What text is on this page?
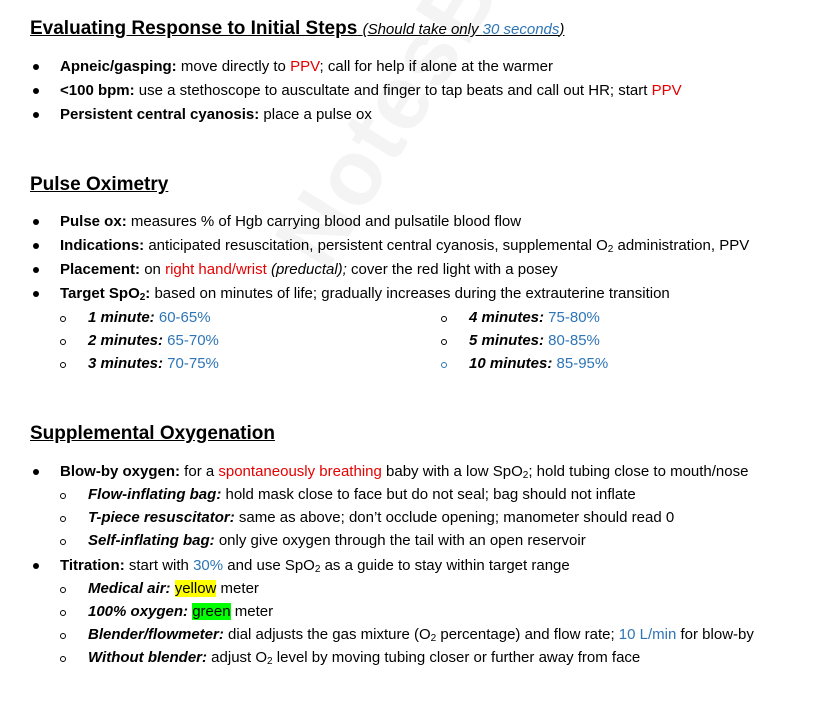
Evaluating Response to Initial Steps (Should take only 30 seconds)
Apneic/gasping: move directly to PPV; call for help if alone at the warmer
<100 bpm: use a stethoscope to auscultate and finger to tap beats and call out HR; start PPV
Persistent central cyanosis: place a pulse ox
Pulse Oximetry
Pulse ox: measures % of Hgb carrying blood and pulsatile blood flow
Indications: anticipated resuscitation, persistent central cyanosis, supplemental $O_2$ administration, PPV
Placement: on right hand/wrist (preductal); cover the red light with a posey
Target SpO$_2$: based on minutes of life; gradually increases during the extrauterine transition
1 minute: 60-65%
2 minutes: 65-70%
3 minutes: 70-75%
4 minutes: 75-80%
5 minutes: 80-85%
10 minutes: 85-95%
Supplemental Oxygenation
Blow-by oxygen: for a spontaneously breathing baby with a low SpO$_2$; hold tubing close to mouth/nose
Flow-inflating bag: hold mask close to face but do not seal; bag should not inflate
T-piece resuscitator: same as above; don’t occlude opening; manometer should read 0
Self-inflating bag: only give oxygen through the tail with an open reservoir
Titration: start with 30% and use SpO$_2$ as a guide to stay within target range
Medical air: yellow meter
100% oxygen: green meter
Blender/flowmeter: dial adjusts the gas mixture ($O_2$ percentage) and flow rate; 10 L/min for blow-by
Without blender: adjust $O_2$ level by moving tubing closer or further away from face
